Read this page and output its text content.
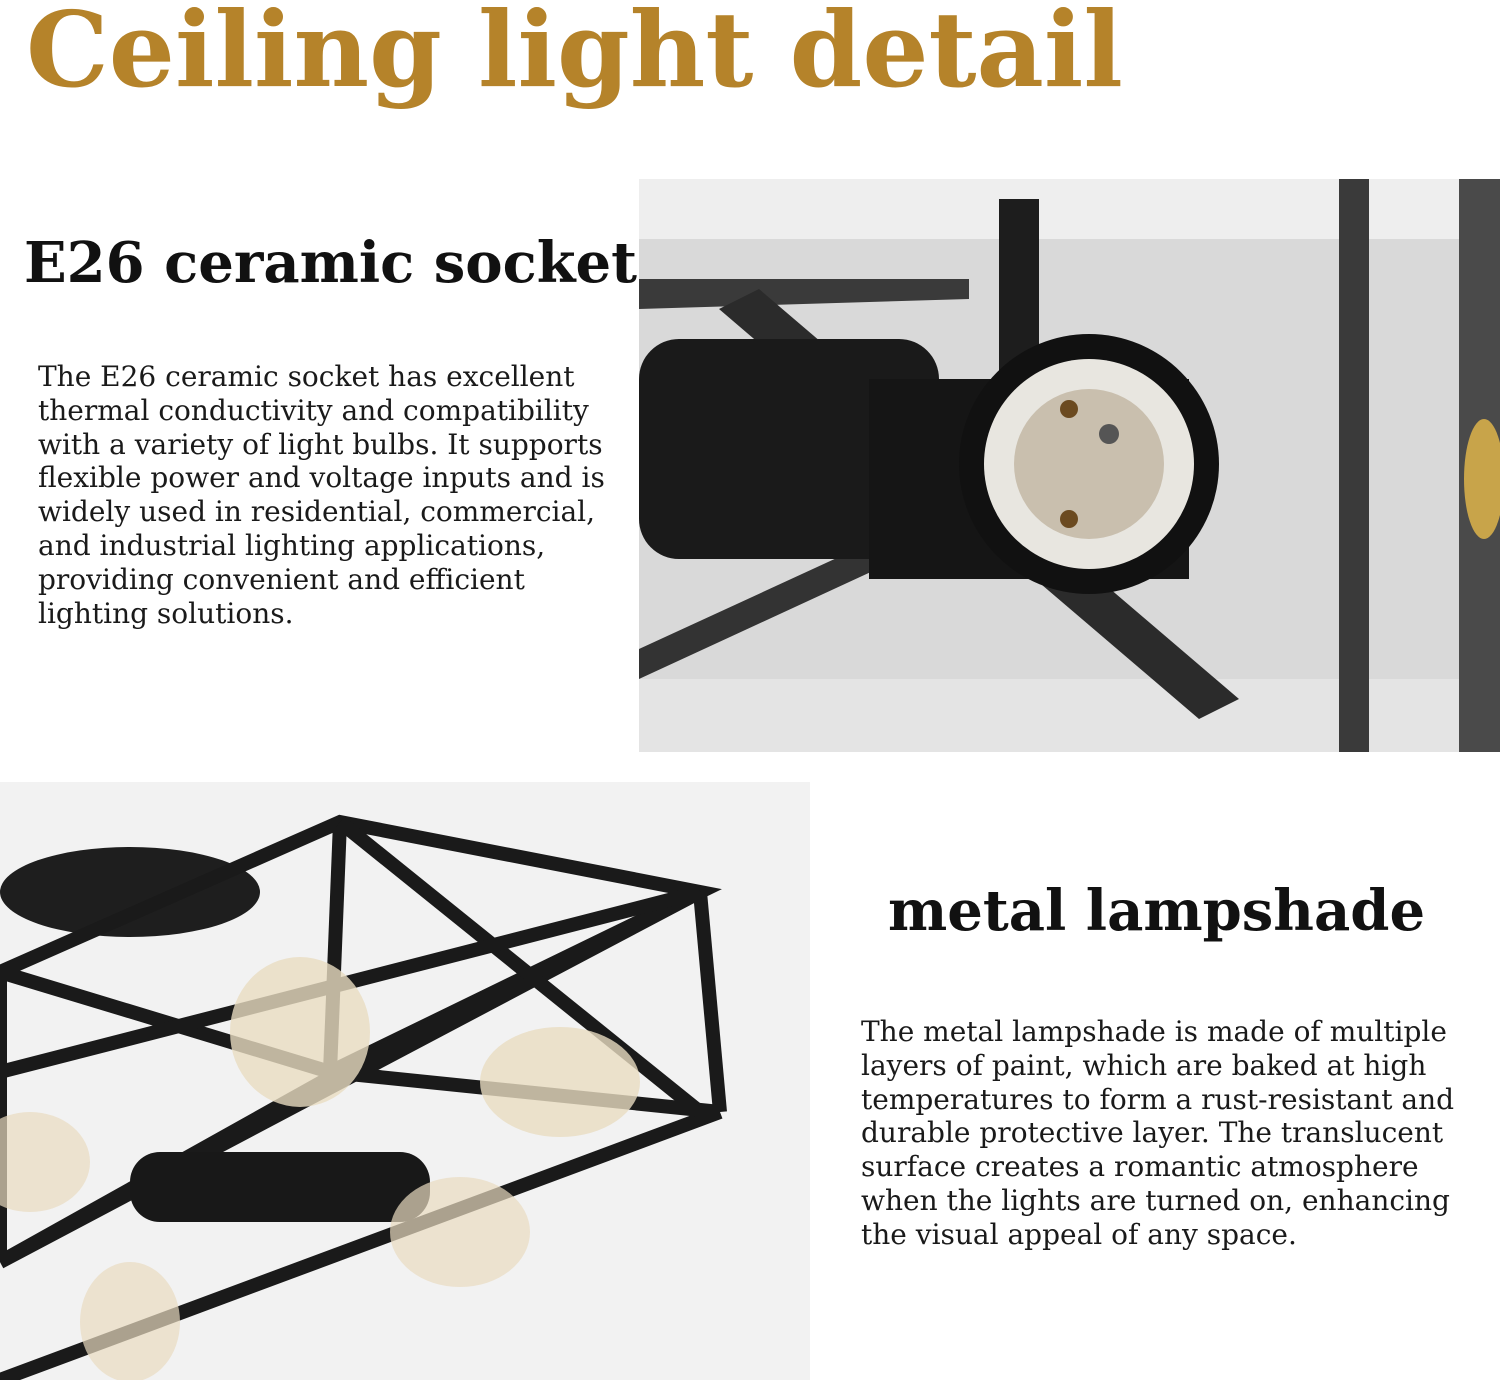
Ceiling light detail
E26 ceramic socket
The E26 ceramic socket has excellent
thermal conductivity and compatibility
with a variety of light bulbs. It supports
flexible power and voltage inputs and is
widely used in residential, commercial,
and industrial lighting applications,
providing convenient and efficient
lighting solutions.
metal lampshade
The metal lampshade is made of multiple
layers of paint, which are baked at high
temperatures to form a rust-resistant and
durable protective layer. The translucent
surface creates a romantic atmosphere
when the lights are turned on, enhancing
the visual appeal of any space.
